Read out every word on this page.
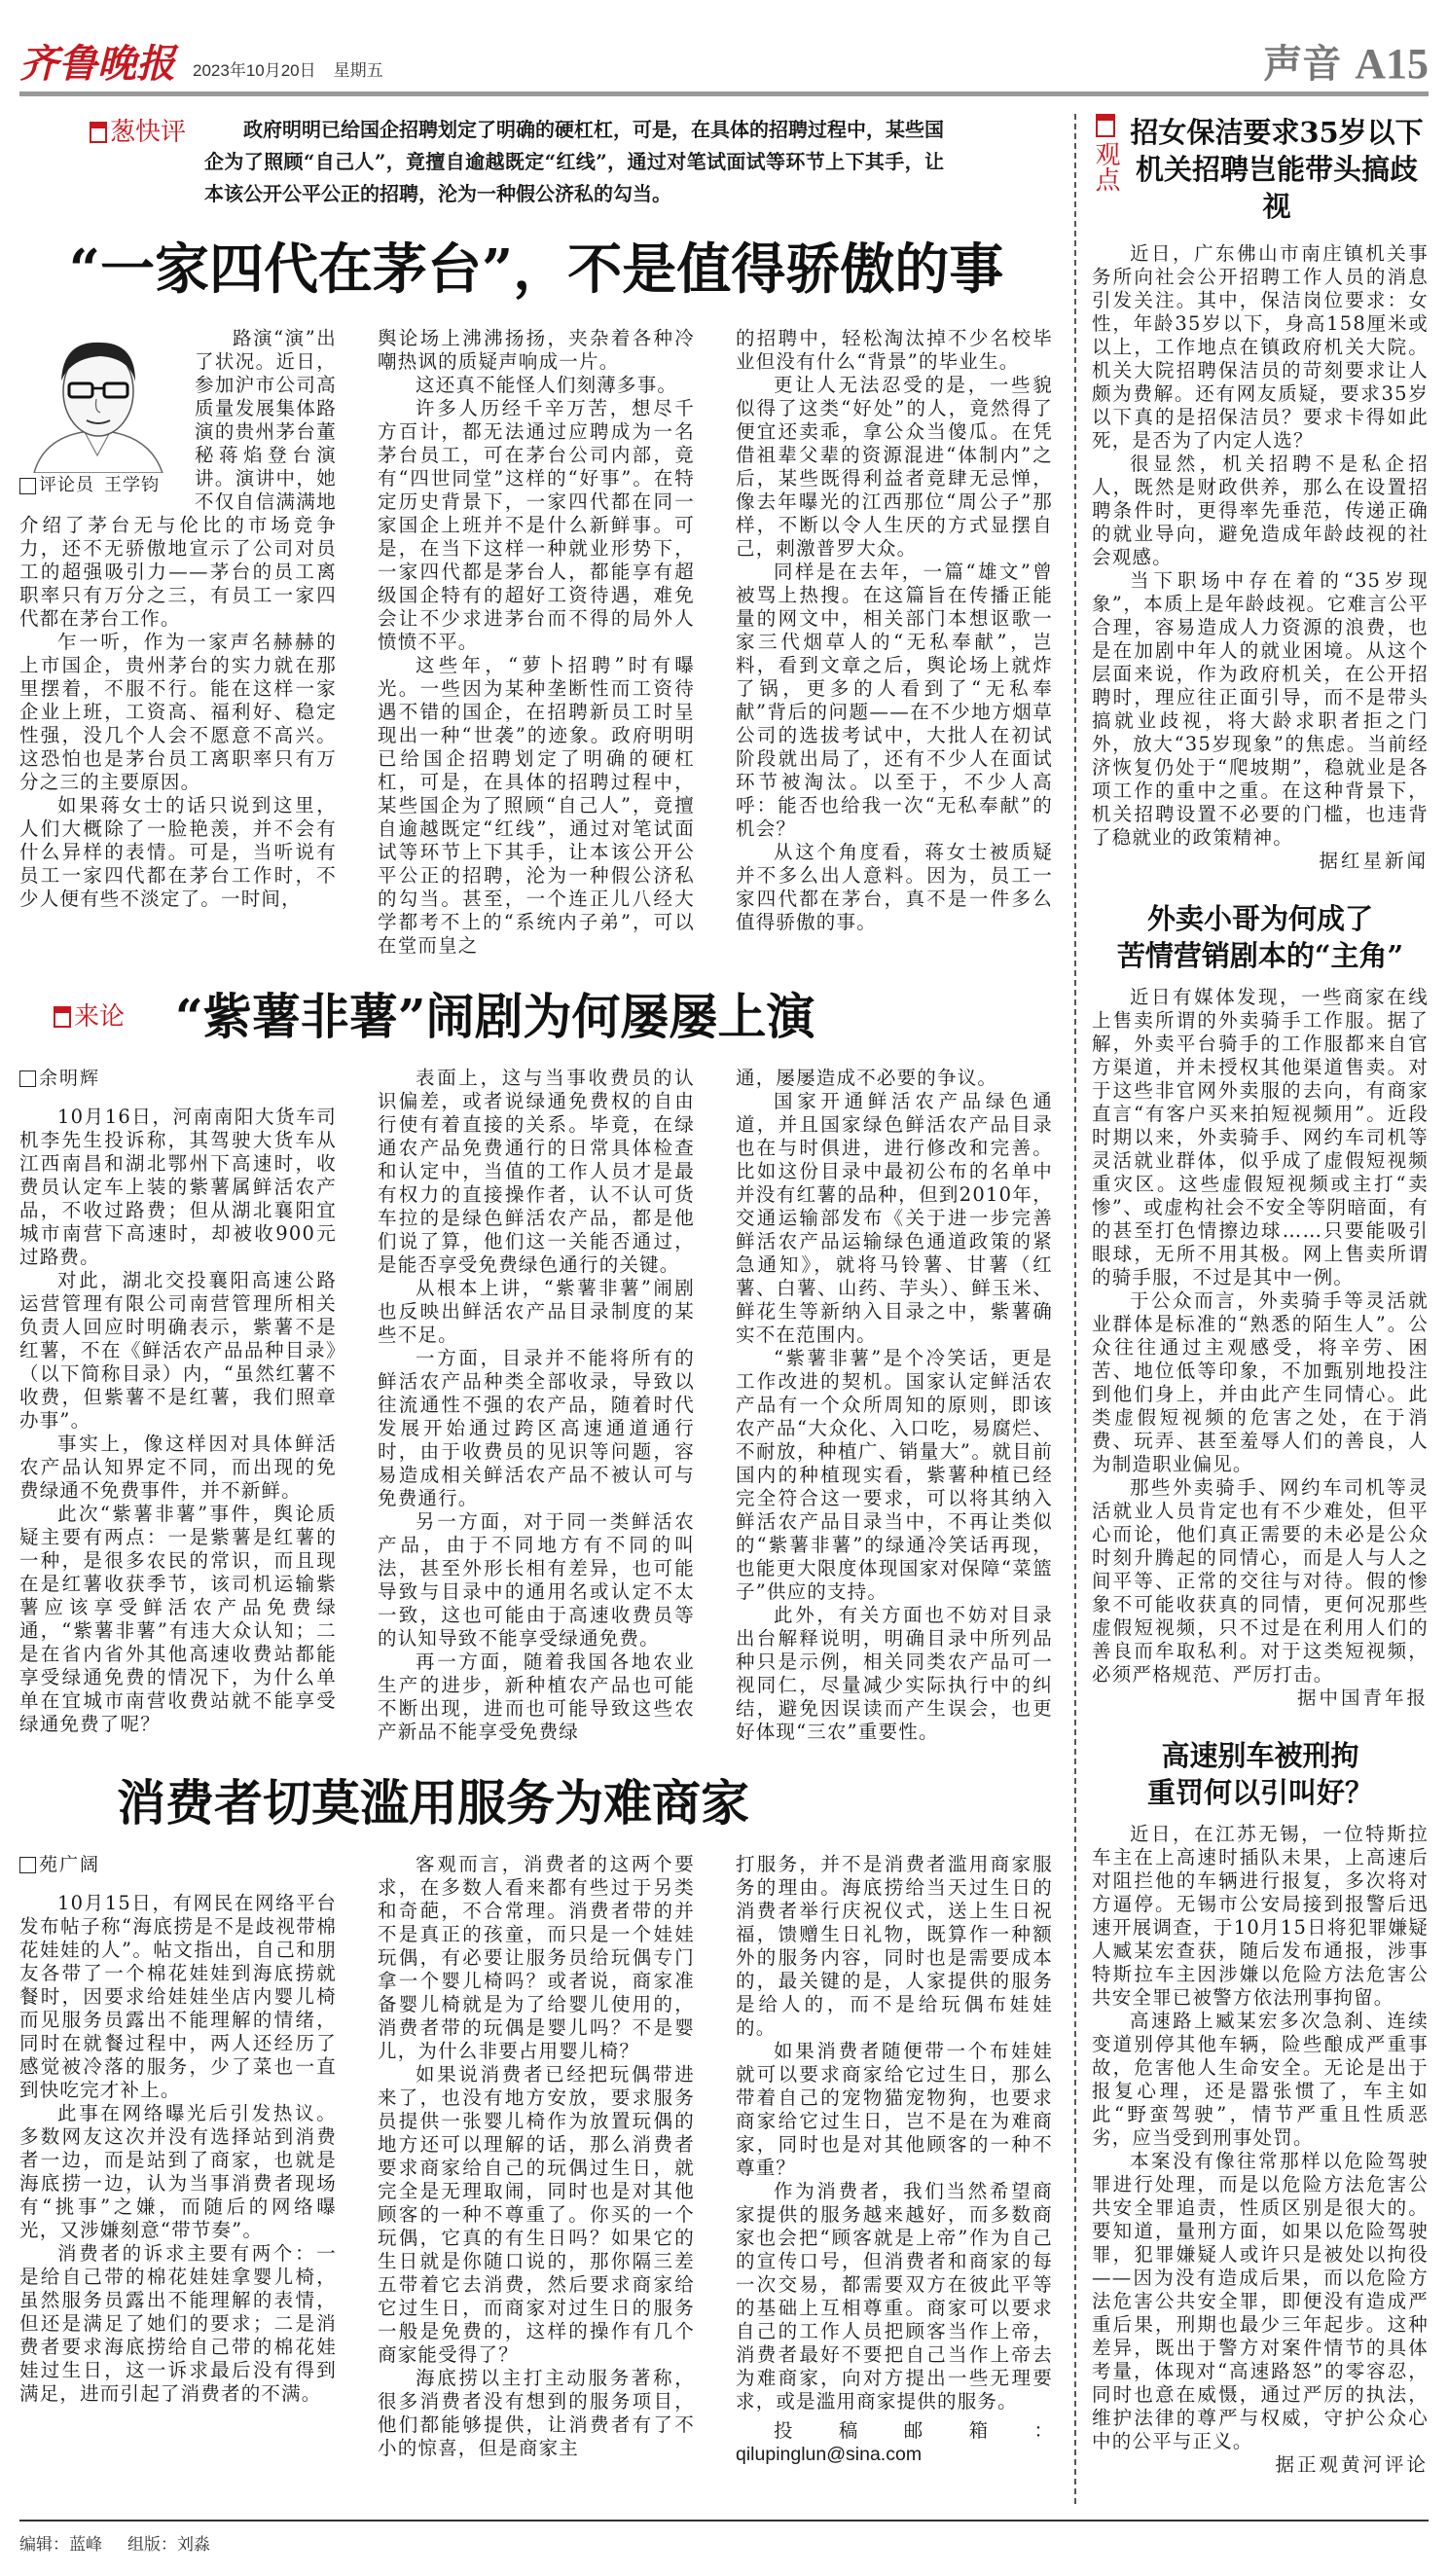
齐鲁晚报 2023年10月20日 星期五	声音 A15
葱快评	政府明明已给国企招聘划定了明确的硬杠杠，可是，在具体的招聘过程中，某些国企为了照顾“自己人”，竟擅自逾越既定“红线”，通过对笔试面试等环节上下其手，让本该公开公平公正的招聘，沦为一种假公济私的勾当。
“一家四代在茅台”，不是值得骄傲的事
评论员 王学钧

路演“演”出了状况。近日，参加沪市公司高质量发展集体路演的贵州茅台董秘蒋焰登台演讲。演讲中，她不仅自信满满地介绍了茅台无与伦比的市场竞争力，还不无骄傲地宣示了公司对员工的超强吸引力——茅台的员工离职率只有万分之三，有员工一家四代都在茅台工作。

乍一听，作为一家声名赫赫的上市国企，贵州茅台的实力就在那里摆着，不服不行。能在这样一家企业上班，工资高、福利好、稳定性强，没几个人会不愿意不高兴。这恐怕也是茅台员工离职率只有万分之三的主要原因。

如果蒋女士的话只说到这里，人们大概除了一脸艳羡，并不会有什么异样的表情。可是，当听说有员工一家四代都在茅台工作时，不少人便有些不淡定了。一时间，

舆论场上沸沸扬扬，夹杂着各种冷嘲热讽的质疑声响成一片。

这还真不能怪人们刻薄多事。

许多人历经千辛万苦，想尽千方百计，都无法通过应聘成为一名茅台员工，可在茅台公司内部，竟有“四世同堂”这样的“好事”。在特定历史背景下，一家四代都在同一家国企上班并不是什么新鲜事。可是，在当下这样一种就业形势下，一家四代都是茅台人，都能享有超级国企特有的超好工资待遇，难免会让不少求进茅台而不得的局外人愤愤不平。

这些年，“萝卜招聘”时有曝光。一些因为某种垄断性而工资待遇不错的国企，在招聘新员工时呈现出一种“世袭”的迹象。政府明明已给国企招聘划定了明确的硬杠杠，可是，在具体的招聘过程中，某些国企为了照顾“自己人”，竟擅自逾越既定“红线”，通过对笔试面试等环节上下其手，让本该公开公平公正的招聘，沦为一种假公济私的勾当。甚至，一个连正儿八经大学都考不上的“系统内子弟”，可以在堂而皇之

的招聘中，轻松淘汰掉不少名校毕业但没有什么“背景”的毕业生。

更让人无法忍受的是，一些貌似得了这类“好处”的人，竟然得了便宜还卖乖，拿公众当傻瓜。在凭借祖辈父辈的资源混进“体制内”之后，某些既得利益者竟肆无忌惮，像去年曝光的江西那位“周公子”那样，不断以令人生厌的方式显摆自己，刺激普罗大众。

同样是在去年，一篇“雄文”曾被骂上热搜。在这篇旨在传播正能量的网文中，相关部门本想讴歌一家三代烟草人的“无私奉献”，岂料，看到文章之后，舆论场上就炸了锅，更多的人看到了“无私奉献”背后的问题——在不少地方烟草公司的选拔考试中，大批人在初试阶段就出局了，还有不少人在面试环节被淘汰。以至于，不少人高呼：能否也给我一次“无私奉献”的机会？

从这个角度看，蒋女士被质疑并不多么出人意料。因为，员工一家四代都在茅台，真不是一件多么值得骄傲的事。

来论 “紫薯非薯”闹剧为何屡屡上演
余明辉

10月16日，河南南阳大货车司机李先生投诉称，其驾驶大货车从江西南昌和湖北鄂州下高速时，收费员认定车上装的紫薯属鲜活农产品，不收过路费；但从湖北襄阳宜城市南营下高速时，却被收900元过路费。

对此，湖北交投襄阳高速公路运营管理有限公司南营管理所相关负责人回应时明确表示，紫薯不是红薯，不在《鲜活农产品品种目录》（以下简称目录）内，“虽然红薯不收费，但紫薯不是红薯，我们照章办事”。

事实上，像这样因对具体鲜活农产品认知界定不同，而出现的免费绿通不免费事件，并不新鲜。

此次“紫薯非薯”事件，舆论质疑主要有两点：一是紫薯是红薯的一种，是很多农民的常识，而且现在是红薯收获季节，该司机运输紫薯应该享受鲜活农产品免费绿通，“紫薯非薯”有违大众认知；二是在省内省外其他高速收费站都能享受绿通免费的情况下，为什么单单在宜城市南营收费站就不能享受绿通免费了呢？

表面上，这与当事收费员的认识偏差，或者说绿通免费权的自由行使有着直接的关系。毕竟，在绿通农产品免费通行的日常具体检查和认定中，当值的工作人员才是最有权力的直接操作者，认不认可货车拉的是绿色鲜活农产品，都是他们说了算，他们这一关能否通过，是能否享受免费绿色通行的关键。

从根本上讲，“紫薯非薯”闹剧也反映出鲜活农产品目录制度的某些不足。

一方面，目录并不能将所有的鲜活农产品种类全部收录，导致以往流通性不强的农产品，随着时代发展开始通过跨区高速通道通行时，由于收费员的见识等问题，容易造成相关鲜活农产品不被认可与免费通行。

另一方面，对于同一类鲜活农产品，由于不同地方有不同的叫法，甚至外形长相有差异，也可能导致与目录中的通用名或认定不太一致，这也可能由于高速收费员等的认知导致不能享受绿通免费。

再一方面，随着我国各地农业生产的进步，新种植农产品也可能不断出现，进而也可能导致这些农产新品不能享受免费绿

通，屡屡造成不必要的争议。

国家开通鲜活农产品绿色通道，并且国家绿色鲜活农产品目录也在与时俱进，进行修改和完善。比如这份目录中最初公布的名单中并没有红薯的品种，但到2010年，交通运输部发布《关于进一步完善鲜活农产品运输绿色通道政策的紧急通知》，就将马铃薯、甘薯（红薯、白薯、山药、芋头）、鲜玉米、鲜花生等新纳入目录之中，紫薯确实不在范围内。

“紫薯非薯”是个冷笑话，更是工作改进的契机。国家认定鲜活农产品有一个众所周知的原则，即该农产品“大众化、入口吃，易腐烂、不耐放，种植广、销量大”。就目前国内的种植现实看，紫薯种植已经完全符合这一要求，可以将其纳入鲜活农产品目录当中，不再让类似的“紫薯非薯”的绿通冷笑话再现，也能更大限度体现国家对保障“菜篮子”供应的支持。

此外，有关方面也不妨对目录出台解释说明，明确目录中所列品种只是示例，相关同类农产品可一视同仁，尽量减少实际执行中的纠结，避免因误读而产生误会，也更好体现“三农”重要性。

消费者切莫滥用服务为难商家
苑广阔

10月15日，有网民在网络平台发布帖子称“海底捞是不是歧视带棉花娃娃的人”。帖文指出，自己和朋友各带了一个棉花娃娃到海底捞就餐时，因要求给娃娃坐店内婴儿椅而见服务员露出不能理解的情绪，同时在就餐过程中，两人还经历了感觉被冷落的服务，少了菜也一直到快吃完才补上。

此事在网络曝光后引发热议。多数网友这次并没有选择站到消费者一边，而是站到了商家，也就是海底捞一边，认为当事消费者现场有“挑事”之嫌，而随后的网络曝光，又涉嫌刻意“带节奏”。

消费者的诉求主要有两个：一是给自己带的棉花娃娃拿婴儿椅，虽然服务员露出不能理解的表情，但还是满足了她们的要求；二是消费者要求海底捞给自己带的棉花娃娃过生日，这一诉求最后没有得到满足，进而引起了消费者的不满。

客观而言，消费者的这两个要求，在多数人看来都有些过于另类和奇葩，不合常理。消费者带的并不是真正的孩童，而只是一个娃娃玩偶，有必要让服务员给玩偶专门拿一个婴儿椅吗？或者说，商家准备婴儿椅就是为了给婴儿使用的，消费者带的玩偶是婴儿吗？不是婴儿，为什么非要占用婴儿椅？

如果说消费者已经把玩偶带进来了，也没有地方安放，要求服务员提供一张婴儿椅作为放置玩偶的地方还可以理解的话，那么消费者要求商家给自己的玩偶过生日，就完全是无理取闹，同时也是对其他顾客的一种不尊重了。你买的一个玩偶，它真的有生日吗？如果它的生日就是你随口说的，那你隔三差五带着它去消费，然后要求商家给它过生日，而商家对过生日的服务一般是免费的，这样的操作有几个商家能受得了？

海底捞以主打主动服务著称，很多消费者没有想到的服务项目，他们都能够提供，让消费者有了不小的惊喜，但是商家主

打服务，并不是消费者滥用商家服务的理由。海底捞给当天过生日的消费者举行庆祝仪式，送上生日祝福，馈赠生日礼物，既算作一种额外的服务内容，同时也是需要成本的，最关键的是，人家提供的服务是给人的，而不是给玩偶布娃娃的。

如果消费者随便带一个布娃娃就可以要求商家给它过生日，那么带着自己的宠物猫宠物狗，也要求商家给它过生日，岂不是在为难商家，同时也是对其他顾客的一种不尊重？

作为消费者，我们当然希望商家提供的服务越来越好，而多数商家也会把“顾客就是上帝”作为自己的宣传口号，但消费者和商家的每一次交易，都需要双方在彼此平等的基础上互相尊重。商家可以要求自己的工作人员把顾客当作上帝，消费者最好不要把自己当作上帝去为难商家，向对方提出一些无理要求，或是滥用商家提供的服务。

投稿邮箱：qilupinglun@sina.com

观点
招女保洁要求35岁以下
机关招聘岂能带头搞歧视

近日，广东佛山市南庄镇机关事务所向社会公开招聘工作人员的消息引发关注。其中，保洁岗位要求：女性，年龄35岁以下，身高158厘米或以上，工作地点在镇政府机关大院。机关大院招聘保洁员的苛刻要求让人颇为费解。还有网友质疑，要求35岁以下真的是招保洁员？要求卡得如此死，是否为了内定人选？

很显然，机关招聘不是私企招人，既然是财政供养，那么在设置招聘条件时，更得率先垂范，传递正确的就业导向，避免造成年龄歧视的社会观感。

当下职场中存在着的“35岁现象”，本质上是年龄歧视。它难言公平合理，容易造成人力资源的浪费，也是在加剧中年人的就业困境。从这个层面来说，作为政府机关，在公开招聘时，理应往正面引导，而不是带头搞就业歧视，将大龄求职者拒之门外，放大“35岁现象”的焦虑。当前经济恢复仍处于“爬坡期”，稳就业是各项工作的重中之重。在这种背景下，机关招聘设置不必要的门槛，也违背了稳就业的政策精神。

据红星新闻
外卖小哥为何成了
苦情营销剧本的“主角”

近日有媒体发现，一些商家在线上售卖所谓的外卖骑手工作服。据了解，外卖平台骑手的工作服都来自官方渠道，并未授权其他渠道售卖。对于这些非官网外卖服的去向，有商家直言“有客户买来拍短视频用”。近段时期以来，外卖骑手、网约车司机等灵活就业群体，似乎成了虚假短视频重灾区。这些虚假短视频或主打“卖惨”、或虚构社会不安全等阴暗面，有的甚至打色情擦边球……只要能吸引眼球，无所不用其极。网上售卖所谓的骑手服，不过是其中一例。

于公众而言，外卖骑手等灵活就业群体是标准的“熟悉的陌生人”。公众往往通过主观感受，将辛劳、困苦、地位低等印象，不加甄别地投注到他们身上，并由此产生同情心。此类虚假短视频的危害之处，在于消费、玩弄、甚至羞辱人们的善良，人为制造职业偏见。

那些外卖骑手、网约车司机等灵活就业人员肯定也有不少难处，但平心而论，他们真正需要的未必是公众时刻升腾起的同情心，而是人与人之间平等、正常的交往与对待。假的惨象不可能收获真的同情，更何况那些虚假短视频，只不过是在利用人们的善良而牟取私利。对于这类短视频，必须严格规范、严厉打击。

据中国青年报
高速别车被刑拘
重罚何以引叫好？

近日，在江苏无锡，一位特斯拉车主在上高速时插队未果，上高速后对阻拦他的车辆进行报复，多次将对方逼停。无锡市公安局接到报警后迅速开展调查，于10月15日将犯罪嫌疑人臧某宏查获，随后发布通报，涉事特斯拉车主因涉嫌以危险方法危害公共安全罪已被警方依法刑事拘留。

高速路上臧某宏多次急刹、连续变道别停其他车辆，险些酿成严重事故，危害他人生命安全。无论是出于报复心理，还是嚣张惯了，车主如此“野蛮驾驶”，情节严重且性质恶劣，应当受到刑事处罚。

本案没有像往常那样以危险驾驶罪进行处理，而是以危险方法危害公共安全罪追责，性质区别是很大的。要知道，量刑方面，如果以危险驾驶罪，犯罪嫌疑人或许只是被处以拘役——因为没有造成后果，而以危险方法危害公共安全罪，即便没有造成严重后果，刑期也最少三年起步。这种差异，既出于警方对案件情节的具体考量，体现对“高速路怒”的零容忍，同时也意在威慑，通过严厉的执法，维护法律的尊严与权威，守护公众心中的公平与正义。

据正观黄河评论
编辑：蓝峰 组版：刘淼
